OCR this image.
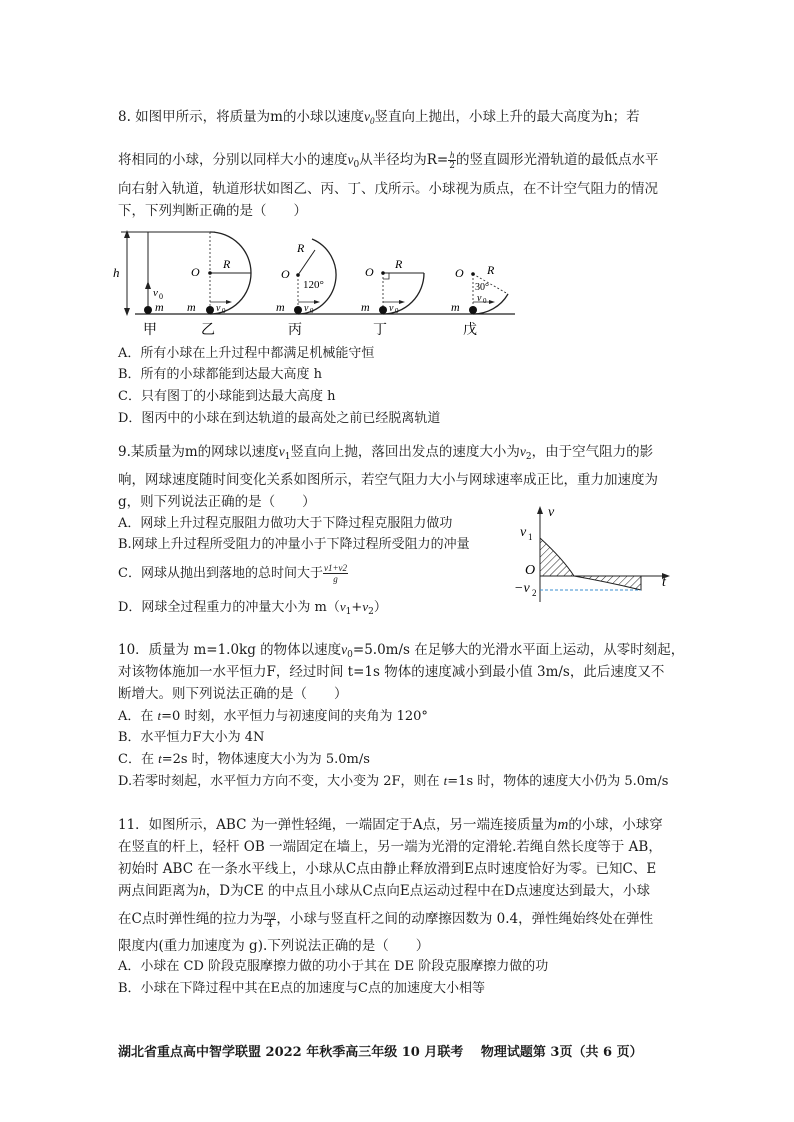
8. 如图甲所示，将质量为m的小球以速度$v_0$竖直向上抛出，小球上升的最大高度为h；若
将相同的小球，分别以同样大小的速度$v_0$从半径均为$R= \frac{h}{2}$ 的竖直圆形光滑轨道的最低点水平
向右射入轨道，轨道形状如图乙、丙、丁、戊所示。小球视为质点，在不计空气阻力的情况
下，下列判断正确的是（　　）
h
v 0
m
甲
O
R
m v 0
乙
O
R
120°
m v 0
丙
O
R
m v 0
丁
O R
30°
m
v 0
戊
A．所有小球在上升过程中都满足机械能守恒
B．所有的小球都能到达最大高度 h
C．只有图丁的小球能到达最大高度 h
D．图丙中的小球在到达轨道的最高处之前已经脱离轨道
9.某质量为m的网球以速度$v_1$竖直向上抛，落回出发点的速度大小为$v_2$，由于空气阻力的影
响，网球速度随时间变化关系如图所示，若空气阻力大小与网球速率成正比，重力加速度为
g，则下列说法正确的是（　　）
A．网球上升过程克服阻力做功大于下降过程克服阻力做功
B.网球上升过程所受阻力的冲量小于下降过程所受阻力的冲量
C．网球从抛出到落地的总时间大于 $\frac{v1+v2}{g}$
D．网球全过程重力的冲量大小为 $m(v_1+v_2)$
v
v 1
O
−v 2
t
10．质量为 m=1.0kg 的物体以速度$v_0=5.0m/s$ 在足够大的光滑水平面上运动，从零时刻起，
对该物体施加一水平恒力F，经过时间 t=1s 物体的速度减小到最小值 3m/s，此后速度又不
断增大。则下列说法正确的是（　　）
A．在 t=0 时刻，水平恒力与初速度间的夹角为 120°
B．水平恒力F大小为 4N
C．在 t=2s 时，物体速度大小为为 5.0m/s
D.若零时刻起，水平恒力方向不变，大小变为 2F，则在 t=1s 时，物体的速度大小仍为 5.0m/s
11．如图所示，ABC 为一弹性轻绳，一端固定于A点，另一端连接质量为m的小球，小球穿
在竖直的杆上，轻杆 OB 一端固定在墙上，另一端为光滑的定滑轮.若绳自然长度等于 AB，
初始时 ABC 在一条水平线上，小球从C点由静止释放滑到E点时速度恰好为零。已知C、E
两点间距离为h，D为CE 的中点且小球从C点向E点运动过程中在D点速度达到最大，小球
在C点时弹性绳的拉力为 $\frac{mg}{4}$ ，小球与竖直杆之间的动摩擦因数为 0.4，弹性绳始终处在弹性
限度内(重力加速度为 g).下列说法正确的是（　　）
A．小球在 CD 阶段克服摩擦力做的功小于其在 DE 阶段克服摩擦力做的功
B．小球在下降过程中其在E点的加速度与C点的加速度大小相等
湖北省重点高中智学联盟 2022 年秋季高三年级 10 月联考　 物理试题第 3页（共 6 页）
